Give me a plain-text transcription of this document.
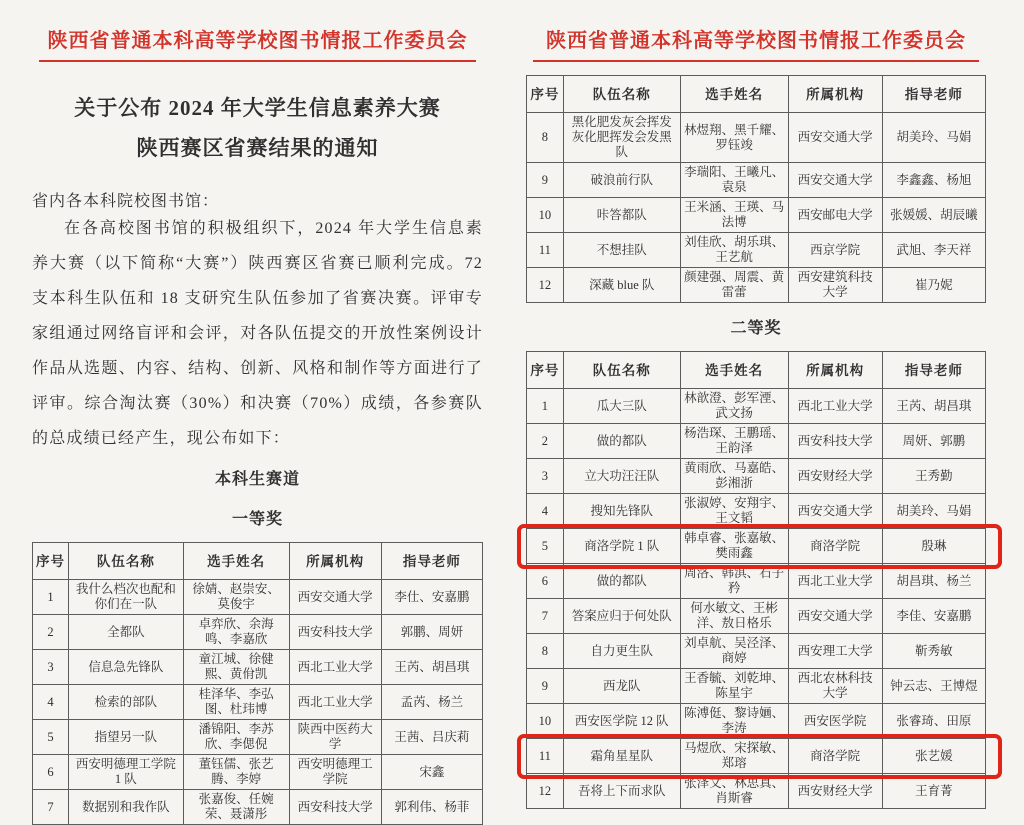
陕西省普通本科高等学校图书情报工作委员会
关于公布 2024 年大学生信息素养大赛
陕西赛区省赛结果的通知

省内各本科院校图书馆：

在各高校图书馆的积极组织下，2024 年大学生信息素养大赛（以下简称“大赛”）陕西赛区省赛已顺利完成。72 支本科生队伍和 18 支研究生队伍参加了省赛决赛。评审专家组通过网络盲评和会评，对各队伍提交的开放性案例设计作品从选题、内容、结构、创新、风格和制作等方面进行了评审。综合淘汰赛（30%）和决赛（70%）成绩，各参赛队的总成绩已经产生，现公布如下：

本科生赛道
一等奖
序号	队伍名称	选手姓名	所属机构	指导老师
1	我什么档次也配和你们在一队	徐婧、赵崇安、莫俊宇	西安交通大学	李仕、安嘉鹏
2	全都队	卓弈欣、余海鸣、李嘉欣	西安科技大学	郭鹏、周妍
3	信息急先锋队	童江城、徐健熙、黄佾凯	西北工业大学	王芮、胡昌琪
4	检索的部队	桂泽华、李弘图、杜玮博	西北工业大学	孟芮、杨兰
5	指望另一队	潘锦阳、李苏欣、李偲倪	陕西中医药大学	王茜、吕庆莉
6	西安明德理工学院 1 队	董钰儒、张艺腾、李婷	西安明德理工学院	宋鑫
7	数据别和我作队	张嘉俊、任婉荣、聂潇彤	西安科技大学	郭利伟、杨菲
陕西省普通本科高等学校图书情报工作委员会
序号	队伍名称	选手姓名	所属机构	指导老师
8	黑化肥发灰会挥发灰化肥挥发会发黑队	林煜翔、黑千耀、罗钰竣	西安交通大学	胡美玲、马娟
9	破浪前行队	李瑞阳、王曦凡、袁泉	西安交通大学	李鑫鑫、杨旭
10	咔答都队	王米涵、王瑛、马法博	西安邮电大学	张媛媛、胡辰曦
11	不想挂队	刘佳欣、胡乐琪、王艺航	西京学院	武旭、李天祥
12	深藏 blue 队	颜建强、周震、黄雷蕾	西安建筑科技大学	崔乃妮
二等奖
序号	队伍名称	选手姓名	所属机构	指导老师
1	瓜大三队	林歆澄、彭军湮、武文扬	西北工业大学	王芮、胡昌琪
2	做的都队	杨浩琛、王鹏瑶、王韵泽	西安科技大学	周妍、郭鹏
3	立大功汪汪队	黄雨欣、马嘉皓、彭湘浙	西安财经大学	王秀勤
4	搜知先锋队	张淑婷、安翔宇、王文韬	西安交通大学	胡美玲、马娟
5	商洛学院 1 队	韩卓睿、张嘉敏、樊雨鑫	商洛学院	殷琳
6	做的都队	周洛、韩淇、石子矜	西北工业大学	胡昌琪、杨兰
7	答案应归于何处队	何水敏文、王彬洋、敖日格乐	西安交通大学	李佳、安嘉鹏
8	自力更生队	刘卓航、吴泾泽、商婷	西安理工大学	靳秀敏
9	西龙队	王香毓、刘乾坤、陈星宇	西北农林科技大学	钟云志、王博煜
10	西安医学院 12 队	陈溥侹、黎诗婳、李涛	西安医学院	张睿琦、田原
11	霜角星星队	马煜欣、宋探敏、郑瑢	商洛学院	张艺媛
12	吾将上下而求队	张泽文、林思真、肖斯睿	西安财经大学	王育菁
